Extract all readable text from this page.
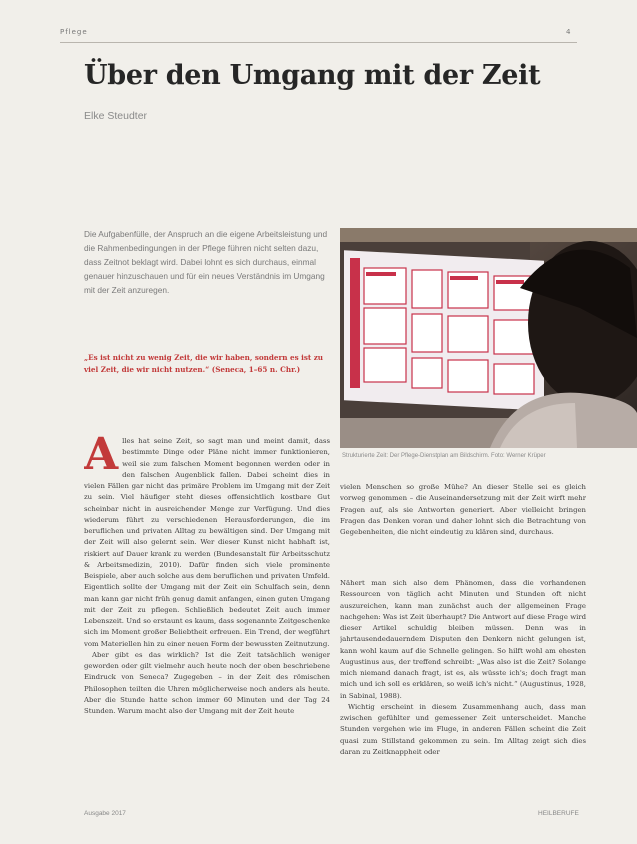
Pflege	4
Über den Umgang mit der Zeit
Elke Steudter

Die Aufgabenfülle, der Anspruch an die eigene Arbeitsleistung und die Rahmenbedingungen in der Pflege führen nicht selten dazu, dass Zeitnot beklagt wird. Dabei lohnt es sich durchaus, einmal genauer hinzuschauen und für ein neues Verständnis im Umgang mit der Zeit anzuregen.

„Es ist nicht zu wenig Zeit, die wir haben, sondern es ist zu viel Zeit, die wir nicht nutzen.“ (Seneca, 1–65 n. Chr.)

A lles hat seine Zeit, so sagt man und meint damit, dass bestimmte Dinge oder Pläne nicht immer funktionieren, weil sie zum falschen Moment begonnen werden oder in den falschen Augenblick fallen. Dabei scheint dies in vielen Fällen gar nicht das primäre Problem im Umgang mit der Zeit zu sein. Viel häufiger steht dieses offensichtlich kostbare Gut scheinbar nicht in ausreichender Menge zur Verfügung. Und dies wiederum führt zu verschiedenen Herausforderungen, die im beruflichen und privaten Alltag zu bewältigen sind. Der Umgang mit der Zeit will also gelernt sein. Wer dieser Kunst nicht habhaft ist, riskiert auf Dauer krank zu werden (Bundesanstalt für Arbeitsschutz & Arbeitsmedizin, 2010). Dafür finden sich viele prominente Beispiele, aber auch solche aus dem beruflichen und privaten Umfeld. Eigentlich sollte der Umgang mit der Zeit ein Schulfach sein, denn man kann gar nicht früh genug damit anfangen, einen guten Umgang mit der Zeit zu pflegen. Schließlich bedeutet Zeit auch immer Lebenszeit. Und so erstaunt es kaum, dass sogenannte Zeitgeschenke sich im Moment großer Beliebtheit erfreuen. Ein Trend, der wegführt vom Materiellen hin zu einer neuen Form der bewussten Zeitnutzung.

Aber gibt es das wirklich? Ist die Zeit tatsächlich weniger geworden oder gilt vielmehr auch heute noch der oben beschriebene Eindruck von Seneca? Zugegeben – in der Zeit des römischen Philosophen teilten die Uhren möglicherweise noch anders als heute. Aber die Stunde hatte schon immer 60 Minuten und der Tag 24 Stunden. Warum macht also der Umgang mit der Zeit heute

Strukturierte Zeit: Der Pflege-Dienstplan am Bildschirm. Foto: Werner Krüper

vielen Menschen so große Mühe? An dieser Stelle sei es gleich vorweg genommen – die Auseinandersetzung mit der Zeit wirft mehr Fragen auf, als sie Antworten generiert. Aber vielleicht bringen Fragen das Denken voran und daher lohnt sich die Betrachtung von Gegebenheiten, die nicht eindeutig zu klären sind, durchaus.

Nähert man sich also dem Phänomen, dass die vorhandenen Ressourcen von täglich acht Minuten und Stunden oft nicht auszureichen, kann man zunächst auch der allgemeinen Frage nachgehen: Was ist Zeit überhaupt? Die Antwort auf diese Frage wird dieser Artikel schuldig bleiben müssen. Denn was in jahrtausendedauerndem Disputen den Denkern nicht gelungen ist, kann wohl kaum auf die Schnelle gelingen. So hilft wohl am ehesten Augustinus aus, der treffend schreibt: „Was also ist die Zeit? Solange mich niemand danach fragt, ist es, als wüsste ich's; doch fragt man mich und ich soll es erklären, so weiß ich's nicht.“ (Augustinus, 1928, in Sabinal, 1988).

Wichtig erscheint in diesem Zusammenhang auch, dass man zwischen gefühlter und gemessener Zeit unterscheidet. Manche Stunden vergehen wie im Fluge, in anderen Fällen scheint die Zeit quasi zum Stillstand gekommen zu sein. Im Alltag zeigt sich dies daran zu Zeitknappheit oder

Ausgabe 2017	HEILBERUFE
